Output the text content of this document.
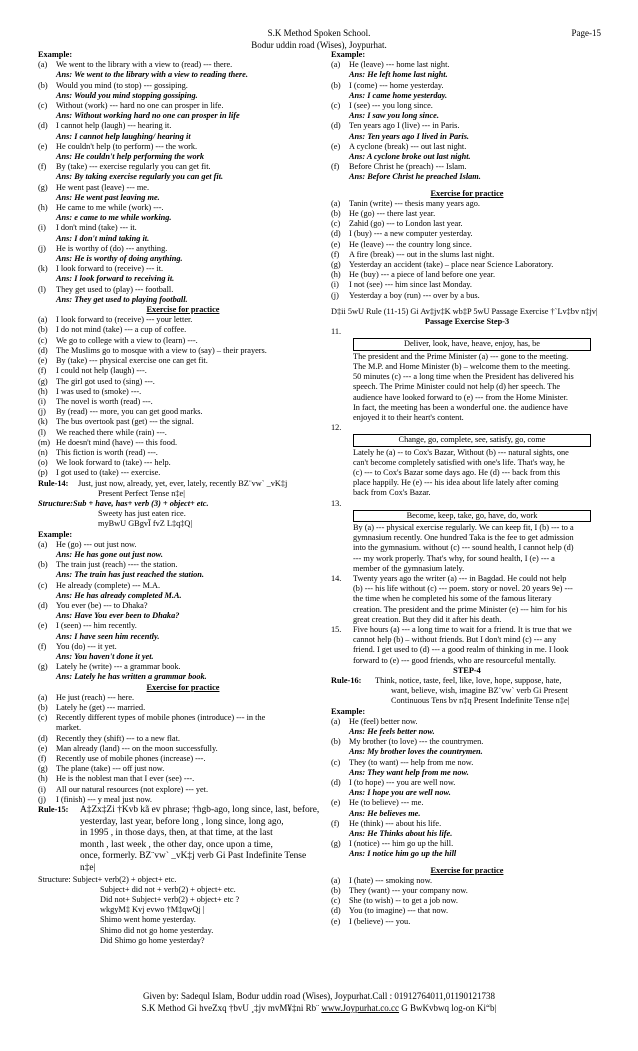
S.K Method Spoken School.	Page-15
Bodur uddin road (Wises), Joypurhat.
Example:
(a)	We went to the library with a view to (read) --- there.
Ans: We went to the library with a view to reading there.
(b)	Would you mind (to stop) --- gossiping.
Ans: Would you mind stopping gossiping.
(c)	Without (work) --- hard no one can prosper in life.
Ans: Without working hard no one can prosper in life
(d)	I cannot help (laugh) --- hearing it.
Ans: I cannot help laughing/ hearing it
(e)	He couldn't help (to perform) --- the work.
Ans: He couldn't help performing the work
(f)	By (take) --- exercise regularly you can get fit.
Ans: By taking exercise regularly you can get fit.
(g)	He went past (leave) --- me.
Ans: He went past leaving me.
(h)	He came to me while (work) ---.
Ans: e came to me while working.
(i)	I don't mind (take) --- it.
Ans: I don't mind taking it.
(j)	He is worthy of (do) --- anything.
Ans: He is worthy of doing anything.
(k)	I look forward to (receive) --- it.
Ans: I look forward to receiving it.
(l)	They get used to (play) --- football.
Ans: They get used to playing football.
Exercise for practice
(a)	I look forward to (receive) --- your letter.
(b)	I do not mind (take) --- a cup of coffee.
(c)	We go to college with a view to (learn) ---.
(d)	The Muslims go to mosque with a view to (say) – their prayers.
(e)	By (take) --- physical exercise one can get fit.
(f)	I could not help (laugh) ---.
(g)	The girl got used to (sing) ---.
(h)	I was used to (smoke) ---.
(i)	The novel is worth (read) ---.
(j)	By (read) --- more, you can get good marks.
(k)	The bus overtook past (get) --- the signal.
(l)	We reached there while (rain) ---.
(m) He doesn't mind (have) --- this food.
(n)	This fiction is worth (read) ---.
(o)	We look forward to (take) --- help.
(p)	I got used to (take) --- exercise.
Rule-14:	Just, just now, already, yet, ever, lately, recently BZ¨vw` _vK‡j
Present Perfect Tense n‡e|
Structure: Sub + have, has+ verb (3) + object+ etc.
Sweety has just eaten rice.
myBwU GBgvÎ fvZ L‡q‡Q|
Example:
(a)	He (go) --- out just now.
Ans: He has gone out just now.
(b)	The train just (reach) ---- the station.
Ans: The train has just reached the station.
(c)	He already (complete) --- M.A.
Ans: He has already completed M.A.
(d)	You ever (be) --- to Dhaka?
Ans: Have You ever been to Dhaka?
(e)	I (seen) --- him recently.
Ans: I have seen him recently.
(f)	You (do) --- it yet.
Ans: You haven't done it yet.
(g)	Lately he (write) --- a grammar book.
Ans: Lately he has written a grammar book.
Exercise for practice
(a)	He just (reach) --- here.
(b)	Lately he (get) --- married.
(c)	Recently different types of mobile phones (introduce) --- in the
market.
(d)	Recently they (shift) --- to a new flat.
(e)	Man already (land) --- on the moon successfully.
(f)	Recently use of mobile phones (increase) ---.
(g)	The plane (take) --- off just now.
(h)	He is the noblest man that I ever (see) ---.
(i)	All our natural resources (not explore) --- yet.
(j)	I (finish) --- y meal just now.
Rule-15:	A‡Zx‡Zi †Kvb kã ev phrase; †hgb-ago, long since, last, before,
yesterday, last year, before long , long since, long ago,
in 1995 , in those days, then, at that time, at the last
month , last week , the other day, once upon a time,
once, formerly. BZ¨vw` _vK‡j verb Gi Past Indefinite Tense
n‡e|
Structure: Subject+ verb(2) + object+ etc.
Subject+ did not + verb(2) + object+ etc.
Did not+ Subject+ verb(2) + object+ etc ?
wkgyM‡ Kvj evwo †M‡qwQj |
Shimo went home yesterday.
Shimo did not go home yesterday.
Did Shimo go home yesterday?
Example:
(a)	He (leave) --- home last night.
Ans: He left home last night.
(b)	I (come) --- home yesterday.
Ans: I came home yesterday.
(c)	I (see) --- you long since.
Ans: I saw you long since.
(d)	Ten years ago I (live) --- in Paris.
Ans: Ten years ago I lived in Paris.
(e)	A cyclone (break) --- out last night.
Ans: A cyclone broke out last night.
(f)	Before Christ he (preach) --- Islam.
Ans: Before Christ he preached Islam.
Exercise for practice
(a)	Tanin (write) --- thesis many years ago.
(b)	He (go) --- there last year.
(c)	Zahid (go) --- to London last year.
(d)	I (buy) --- a new computer yesterday.
(e)	He (leave) --- the country long since.
(f)	A fire (break) --- out in the slums last night.
(g)	Yesterday an accident (take) – place near Science Laboratory.
(h)	He (buy) --- a piece of land before one year.
(i)	I not (see) --- him since last Monday.
(j)	Yesterday a boy (run) --- over by a bus.
D‡ii 5wU Rule (11-15) Gi Av‡jv‡K wb‡P 5wU Passage Exercise †`Lv‡bv n‡jv|
Passage Exercise Step-3
11.
Deliver, look, have, heave, enjoy, has, be
The president and the Prime Minister (a) --- gone to the meeting.
The M.P. and Home Minister (b) – welcome them to the meeting.
50 minutes (c) --- a long time when the President has delivered his
speech. The Prime Minister could not help (d) her speech. The
audience have looked forward to (e) --- from the Home Minister.
In fact, the meeting has been a wonderful one. the audience have
enjoyed it to their heart's content.
12.
Change, go, complete, see, satisfy, go, come
Lately he (a) -- to Cox's Bazar, Without (b) --- natural sights, one
can't become completely satisfied with one's life. That's way, he
(c) --- to Cox's Bazar some days ago. He (d) --- back from this
place happily. He (e) --- his idea about life lately after coming
back from Cox's Bazar.
13.
Become, keep, take, go, have, do, work
By (a) --- physical exercise regularly. We can keep fit, I (b) --- to a
gymnasium recently. One hundred Taka is the fee to get admission
into the gymnasium. without (c) --- sound health, I cannot help (d)
--- my work properly. That's why, for sound health, I (e) --- a
member of the gymnasium lately.
14.	Twenty years ago the writer (a) --- in Bagdad. He could not help
(b) --- his life without (c) --- poem. story or novel. 20 years 9e) ---
the time when he completed his some of the famous literary
creation. The president and the prime Minister (e) --- him for his
great creation. But they did it after his death.
15.	Five hours (a) --- a long time to wait for a friend. It is true that we
cannot help (b) – without friends. But I don't mind (c) --- any
friend. I get used to (d) --- a good realm of thinking in me. I look
forward to (e) --- good friends, who are resourceful mentally.
STEP-4
Rule-16:	Think, notice, taste, feel, like, love, hope, suppose, hate,
want, believe, wish, imagine BZ¨vw` verb Gi Present
Continuous Tens bv n‡q Present Indefinite Tense n‡e|
Example:
(a)	He (feel) better now.
Ans: He feels better now.
(b)	My brother (to love) --- the countrymen.
Ans: My brother loves the countrymen.
(c)	They (to want) --- help from me now.
Ans: They want help from me now.
(d)	I (to hope) --- you are well now.
Ans: I hope you are well now.
(e)	He (to believe) --- me.
Ans: He believes me.
(f)	He (think) --- about his life.
Ans: He Thinks about his life.
(g)	I (notice) --- him go up the hill.
Ans: I notice him go up the hill
Exercise for practice
(a)	I (hate) --- smoking now.
(b)	They (want) --- your company now.
(c)	She (to wish) -- to get a job now.
(d)	You (to imagine) --- that now.
(e)	I (believe) --- you.
Given by: Sadequl Islam, Bodur uddin road (Wises), Joypurhat.Call : 01912764011,01190121738
S.K Method Gi hveZxq †bvU ¸‡jv mvM¥‡ni Rb¨ www.Joypurhat.co.cc G BwKvbwq log-on Ki“b|
